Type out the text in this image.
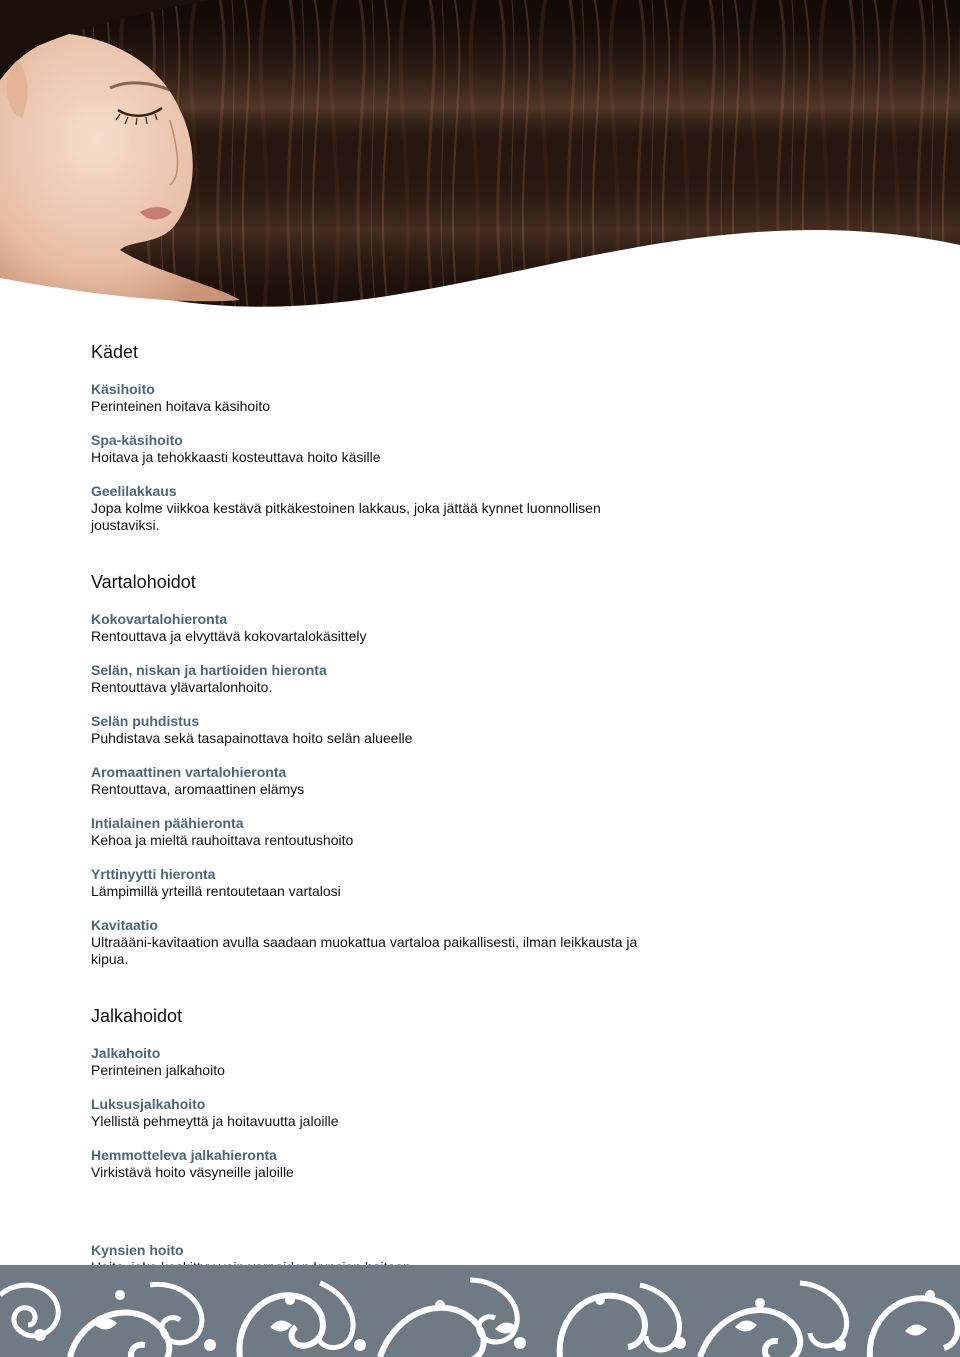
Kädet
Käsihoito
Perinteinen hoitava käsihoito
Spa-käsihoito
Hoitava ja tehokkaasti kosteuttava hoito käsille
Geelilakkaus
Jopa kolme viikkoa kestävä pitkäkestoinen lakkaus, joka jättää kynnet luonnollisen joustaviksi.
Vartalohoidot
Kokovartalohieronta
Rentouttava ja elvyttävä kokovartalokäsittely
Selän, niskan ja hartioiden hieronta
Rentouttava ylävartalonhoito.
Selän puhdistus
Puhdistava sekä tasapainottava hoito selän alueelle
Aromaattinen vartalohieronta
Rentouttava, aromaattinen elämys
Intialainen päähieronta
Kehoa ja mieltä rauhoittava rentoutushoito
Yrttinyytti hieronta
Lämpimillä yrteillä rentoutetaan vartalosi
Kavitaatio
Ultraääni-kavitaation avulla saadaan muokattua vartaloa paikallisesti, ilman leikkausta ja kipua.
Jalkahoidot
Jalkahoito
Perinteinen jalkahoito
Luksusjalkahoito
Ylellistä pehmeyttä ja hoitavuutta jaloille
Hemmotteleva jalkahieronta
Virkistävä hoito väsyneille jaloille
Kynsien hoito
